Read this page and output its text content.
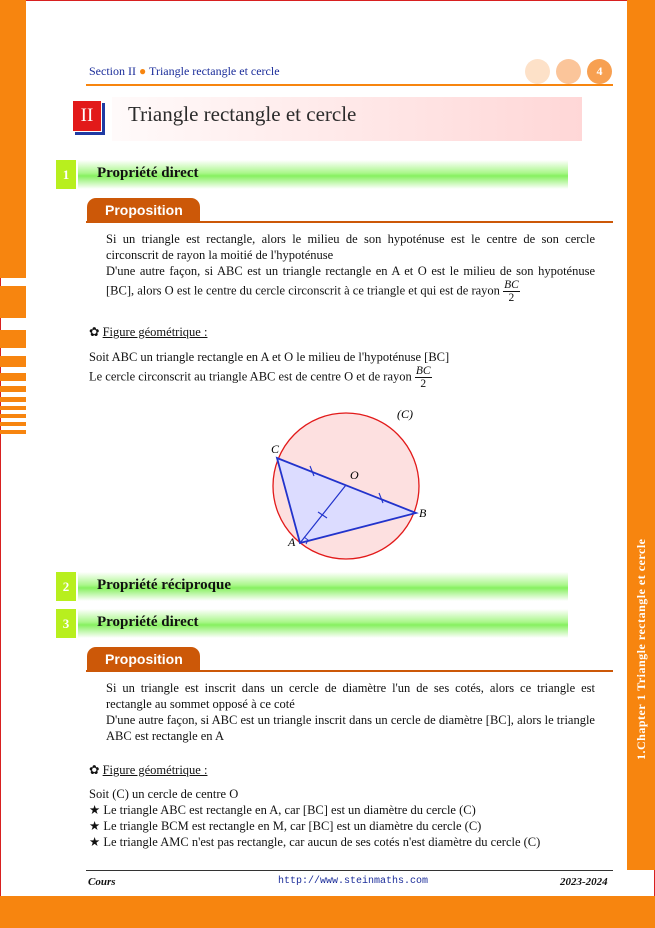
1.Chapter 1 Triangle rectangle et cercle
Section II ● Triangle rectangle et cercle	4
II	Triangle rectangle et cercle
1	Propriété direct
Proposition
Si un triangle est rectangle, alors le milieu de son hypoténuse est le centre de son cercle circonscrit de rayon la moitié de l'hypoténuse
D'une autre façon, si ABC est un triangle rectangle en A et O est le milieu de son hypoténuse [BC], alors O est le centre du cercle circonscrit à ce triangle et qui est de rayon $\frac{BC}{2}$
✿ Figure géométrique :
Soit ABC un triangle rectangle en A et O le milieu de l'hypoténuse [BC]
Le cercle circonscrit au triangle ABC est de centre O et de rayon $\frac{BC}{2}$
(C)
C
O
B
A
2	Propriété réciproque
3	Propriété direct
Proposition
Si un triangle est inscrit dans un cercle de diamètre l'un de ses cotés, alors ce triangle est rectangle au sommet opposé à ce coté
D'une autre façon, si ABC est un triangle inscrit dans un cercle de diamètre [BC], alors le triangle ABC est rectangle en A
✿ Figure géométrique :
Soit (C) un cercle de centre O
★ Le triangle ABC est rectangle en A, car [BC] est un diamètre du cercle (C)
★ Le triangle BCM est rectangle en M, car [BC] est un diamètre du cercle (C)
★ Le triangle AMC n'est pas rectangle, car aucun de ses cotés n'est diamètre du cercle (C)
Cours	http://www.steinmaths.com	2023-2024
